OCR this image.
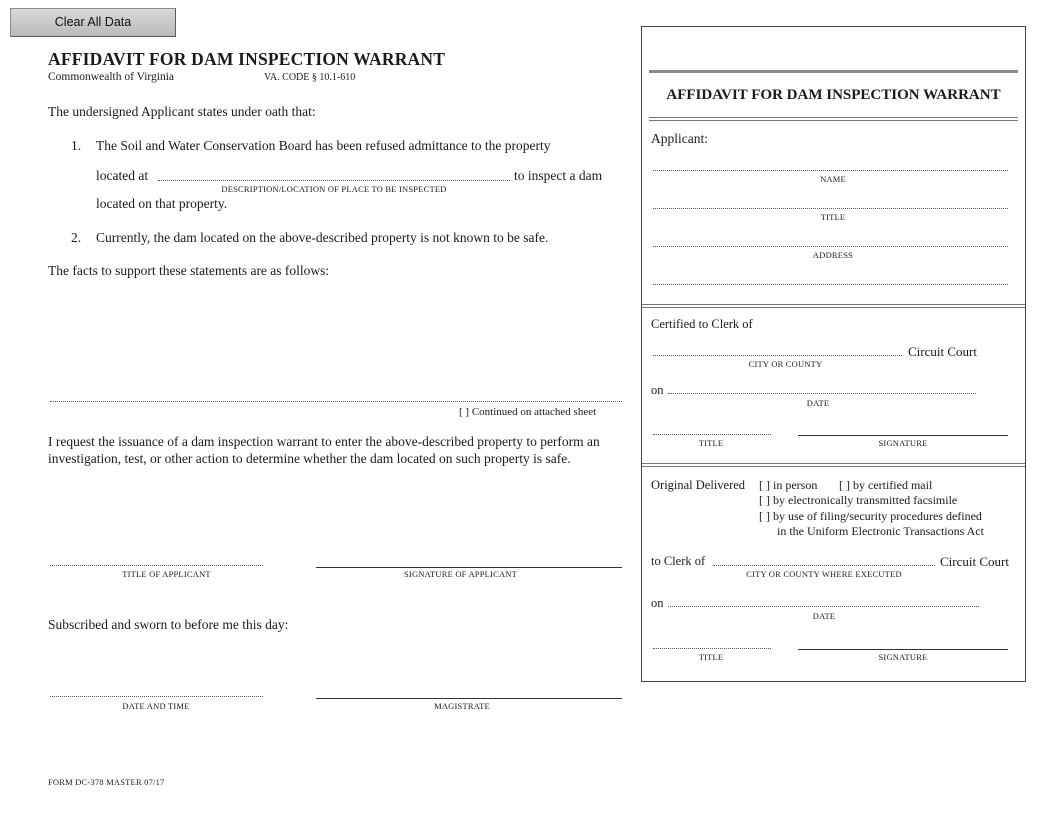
Clear All Data
AFFIDAVIT FOR DAM INSPECTION WARRANT
Commonwealth of Virginia	VA. CODE § 10.1-610
The undersigned Applicant states under oath that:
1. The Soil and Water Conservation Board has been refused admittance to the property
located at	to inspect a dam
DESCRIPTION/LOCATION OF PLACE TO BE INSPECTED
located on that property.
2. Currently, the dam located on the above-described property is not known to be safe.
The facts to support these statements are as follows:
[ ] Continued on attached sheet
I request the issuance of a dam inspection warrant to enter the above-described property to perform an investigation, test, or other action to determine whether the dam located on such property is safe.
TITLE OF APPLICANT	SIGNATURE OF APPLICANT
Subscribed and sworn to before me this day:
DATE AND TIME	MAGISTRATE
FORM DC-378 MASTER 07/17
AFFIDAVIT FOR DAM INSPECTION WARRANT
Applicant:
NAME
TITLE
ADDRESS
Certified to Clerk of
Circuit Court
CITY OR COUNTY
on
DATE
TITLE	SIGNATURE
Original Delivered [ ] in person [ ] by certified mail
[ ] by electronically transmitted facsimile
[ ] by use of filing/security procedures defined
in the Uniform Electronic Transactions Act
to Clerk of	Circuit Court
CITY OR COUNTY WHERE EXECUTED
on
DATE
TITLE	SIGNATURE
